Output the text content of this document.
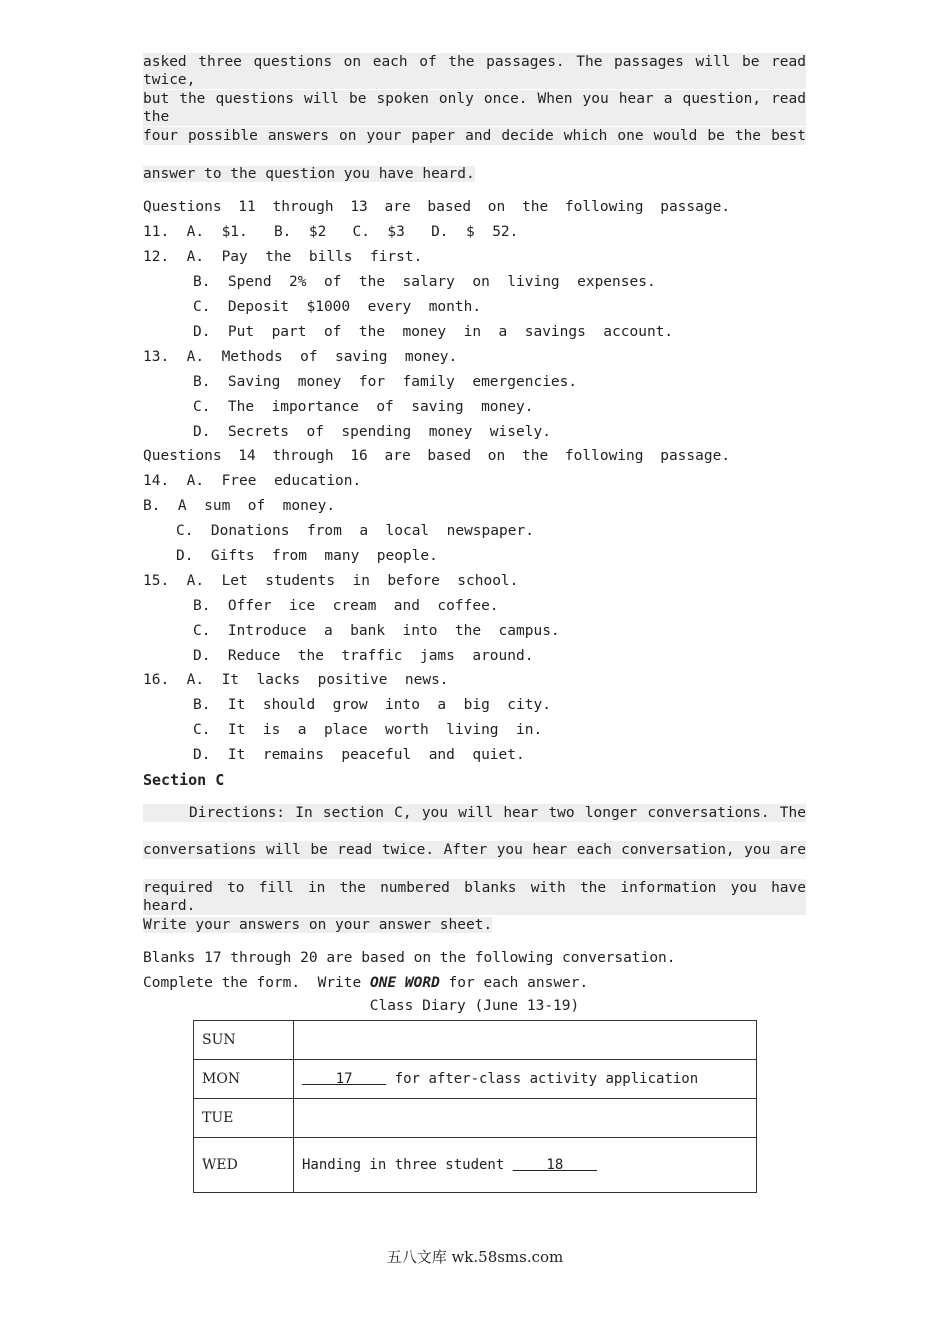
asked three questions on each of the passages. The passages will be read twice,
but the questions will be spoken only once. When you hear a question, read the
four possible answers on your paper and decide which one would be the best
answer to the question you have heard.
Questions 11 through 13 are based on the following passage.
11.  A.  $1.   B.  $2   C.  $3   D.  $  52.
12.  A.  Pay  the  bills  first.
B.  Spend  2%  of  the  salary  on  living  expenses.
C.  Deposit  $1000  every  month.
D.  Put  part  of  the  money  in  a  savings  account.
13.  A.  Methods  of  saving  money.
B.  Saving  money  for  family  emergencies.
C.  The  importance  of  saving  money.
D.  Secrets  of  spending  money  wisely.
Questions 14 through 16 are based on the following passage.
14.  A.  Free  education.
B.  A  sum  of  money.
C.  Donations  from  a  local  newspaper.
D.  Gifts  from  many  people.
15.  A.  Let  students  in  before  school.
B.  Offer  ice  cream  and  coffee.
C.  Introduce  a  bank  into  the  campus.
D.  Reduce  the  traffic  jams  around.
16.  A.  It  lacks  positive  news.
B.  It  should  grow  into  a  big  city.
C.  It  is  a  place  worth  living  in.
D.  It  remains  peaceful  and  quiet.
Section C
Directions: In section C, you will hear two longer conversations. The
conversations will be read twice. After you hear each conversation, you are
required to fill in the numbered blanks with the information you have heard.
Write your answers on your answer sheet.
Blanks 17 through 20 are based on the following conversation.
Complete the form.  Write ONE WORD for each answer.
Class Diary (June 13-19)
SUN	
MON	17     for after-class activity application
TUE	
WED	Handing in three student     18
五八文库 wk.58sms.com
